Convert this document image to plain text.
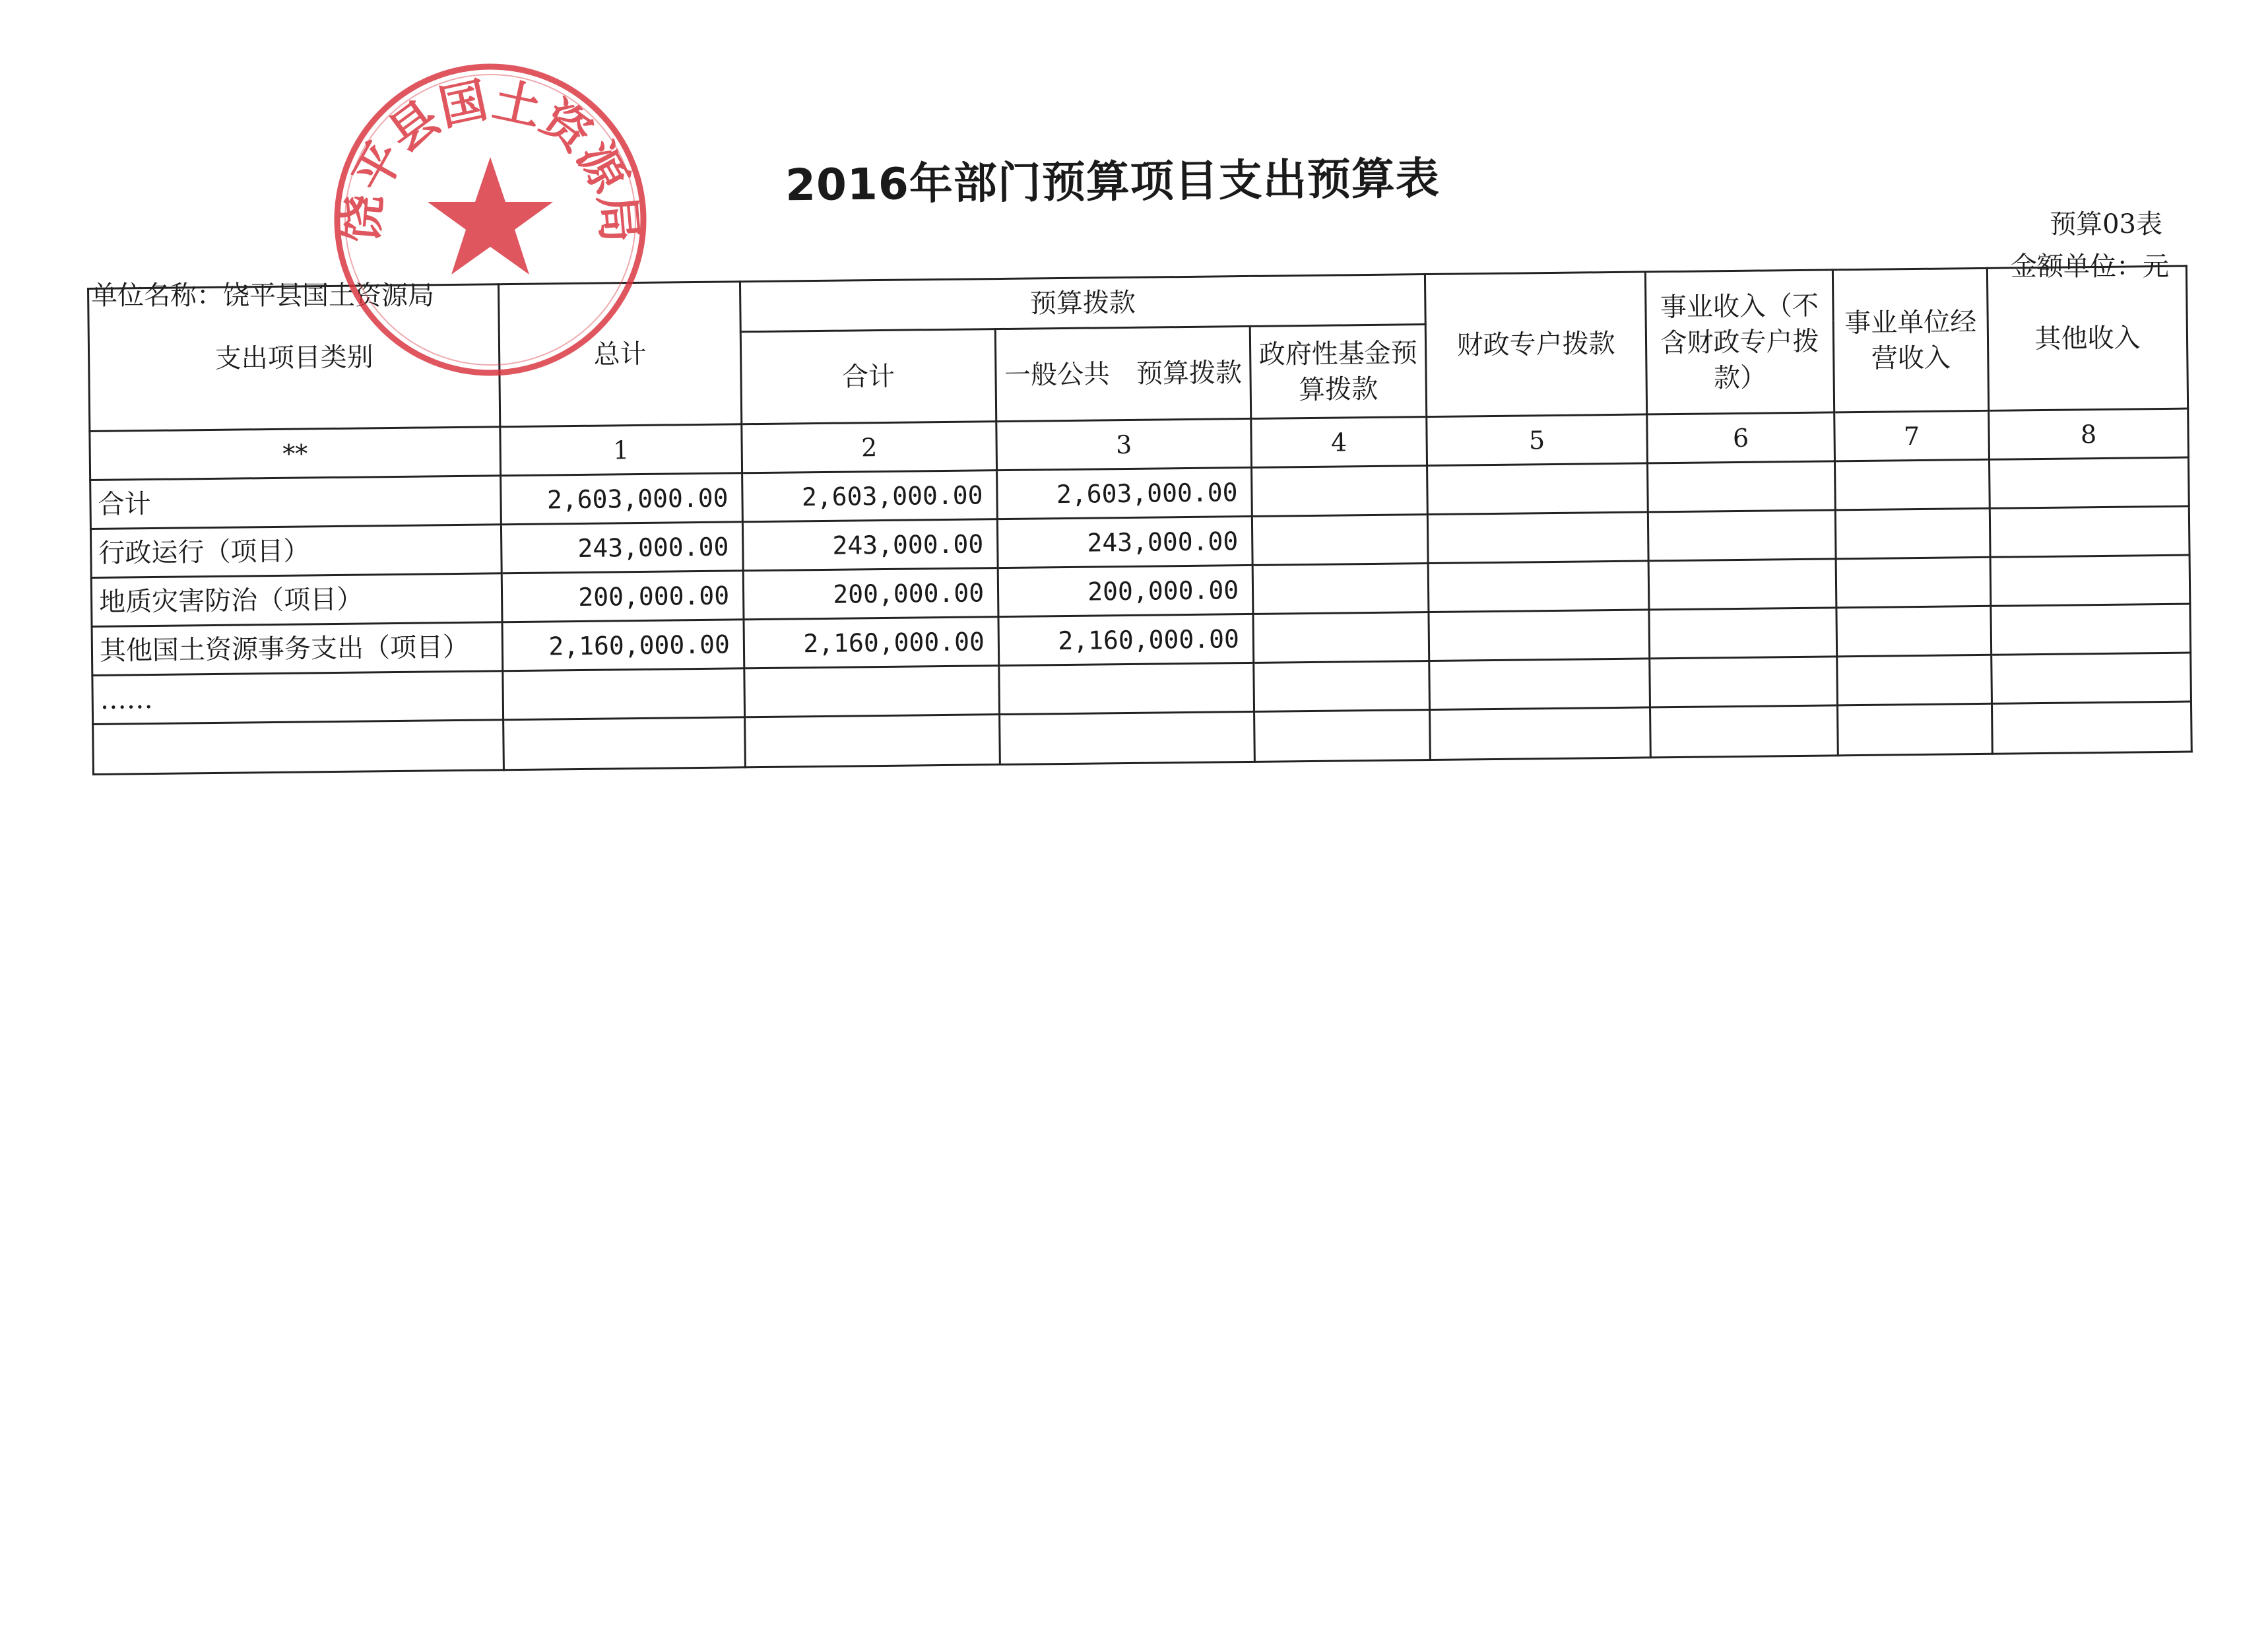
2016年部门预算项目支出预算表
预算03表
金额单位：元
单位名称：饶平县国土资源局
支出项目类别	总计	预算拨款			财政专户拨款	事业收入（不含财政专户拨款）	事业单位经营收入	其他收入
		合计	一般公共　预算拨款	政府性基金预算拨款				
**	1	2	3	4	5	6	7	8
合计	2,603,000.00	2,603,000.00	2,603,000.00					
行政运行（项目）	243,000.00	243,000.00	243,000.00					
地质灾害防治（项目）	200,000.00	200,000.00	200,000.00					
其他国土资源事务支出（项目）	2,160,000.00	2,160,000.00	2,160,000.00					
……								

饶平县国土资源局
